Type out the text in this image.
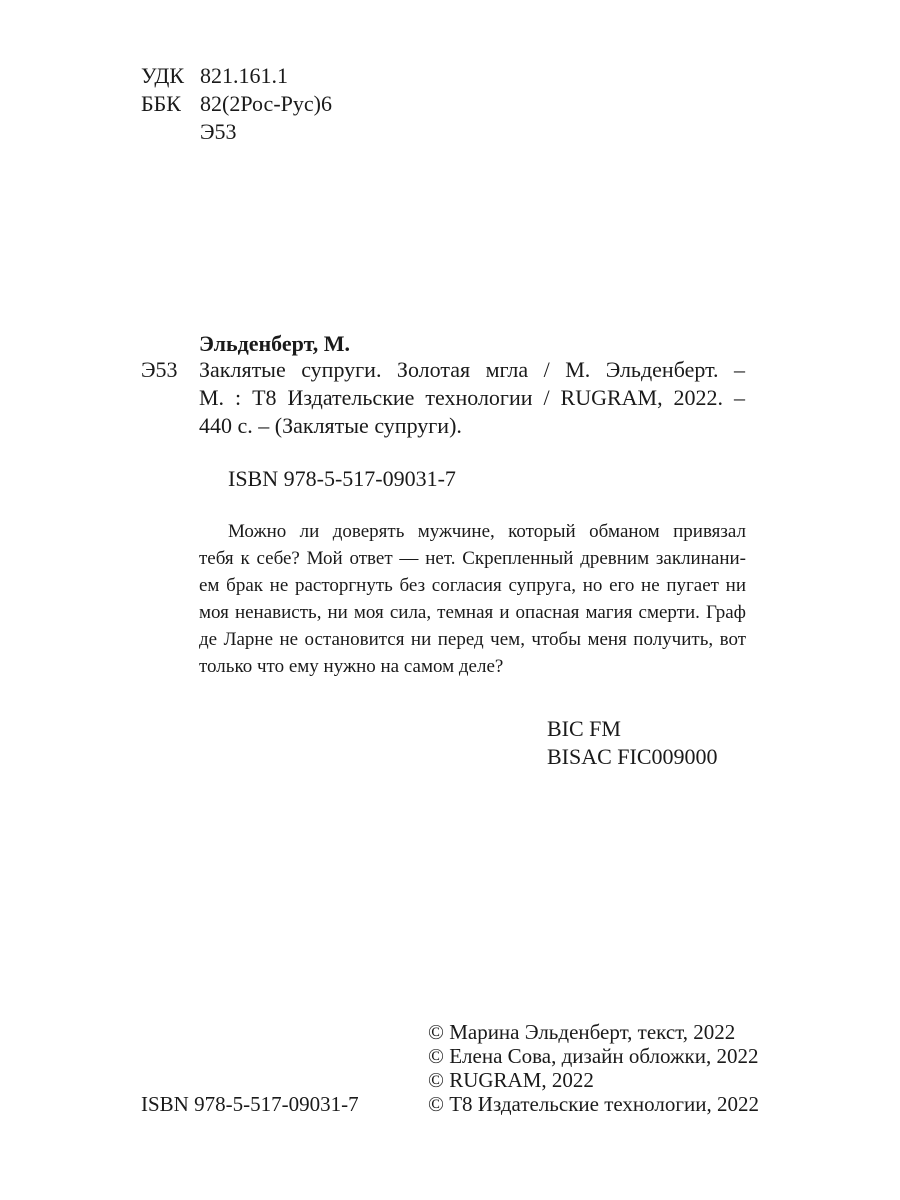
УДК 821.161.1
ББК 82(2Рос-Рус)6
Э53
Эльденберт, М.
Э53 Заклятые супруги. Золотая мгла / М. Эльденберт. –
М. : Т8 Издательские технологии / RUGRAM, 2022. –
440 с. – (Заклятые супруги).
ISBN 978-5-517-09031-7
Можно ли доверять мужчине, который обманом привязал
тебя к себе? Мой ответ — нет. Скрепленный древним заклинани-
ем брак не расторгнуть без согласия супруга, но его не пугает ни
моя ненависть, ни моя сила, темная и опасная магия смерти. Граф
де Ларне не остановится ни перед чем, чтобы меня получить, вот
только что ему нужно на самом деле?
BIC FM
BISAC FIC009000
© Марина Эльденберт, текст, 2022
© Елена Сова, дизайн обложки, 2022
© RUGRAM, 2022
© Т8 Издательские технологии, 2022
ISBN 978-5-517-09031-7
